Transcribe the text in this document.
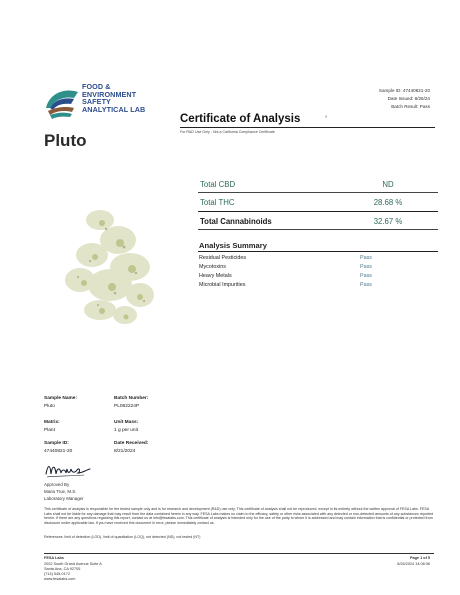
FOOD &
ENVIRONMENT
SAFETY
ANALYTICAL LAB
Sample ID: 47440821-20
Date Issued: 8/26/24
Batch Result: Pass
Certificate of Analysis	°
For R&D Use Only - Not a California Compliance Certificate
Pluto
Total CBD	ND
Total THC	28.68 %
Total Cannabinoids	32.67 %
Analysis Summary
Residual Pesticides	Pass
Mycotoxins	Pass
Heavy Metals	Pass
Microbial Impurities	Pass
Sample Name:
Pluto
Batch Number:
PL082224P
Matrix:
Plant
Unit Mass:
1 g per unit
Sample ID:
47440821-20
Date Received:
8/21/2024
Approved By
Maria True, M.S.
Laboratory Manager
This certificate of analysis is responsible for the tested sample only and is for research and development (R&D) use only. This certificate of analysis shall not be reproduced, except in its entirety without the written approval of FESA Labs. FESA Labs shall not be liable for any damage that may result from the data contained herein in any way. FESA Labs makes no claim to the efficacy, safety or other risks associated with any detected or non-detected amounts of any substances reported herein. If there are any questions regarding this report, contact us at info@fesalabs.com. This certificate of analysis is intended only for the use of the party to whom it is addressed and may contain information that is confidential or protected from disclosure under applicable law. If you have received this document in error, please immediately contact us.
References: limit of detection (LOD), limit of quantitation (LOQ), not detected (ND), not tested (NT)
FESA Labs
2002 South Grand Avenue Suite A
Santa Ana, CA 92705
(714) 545-0172
www.fesalabs.com
Page 1 of 5
8/26/2024 14:08:36
